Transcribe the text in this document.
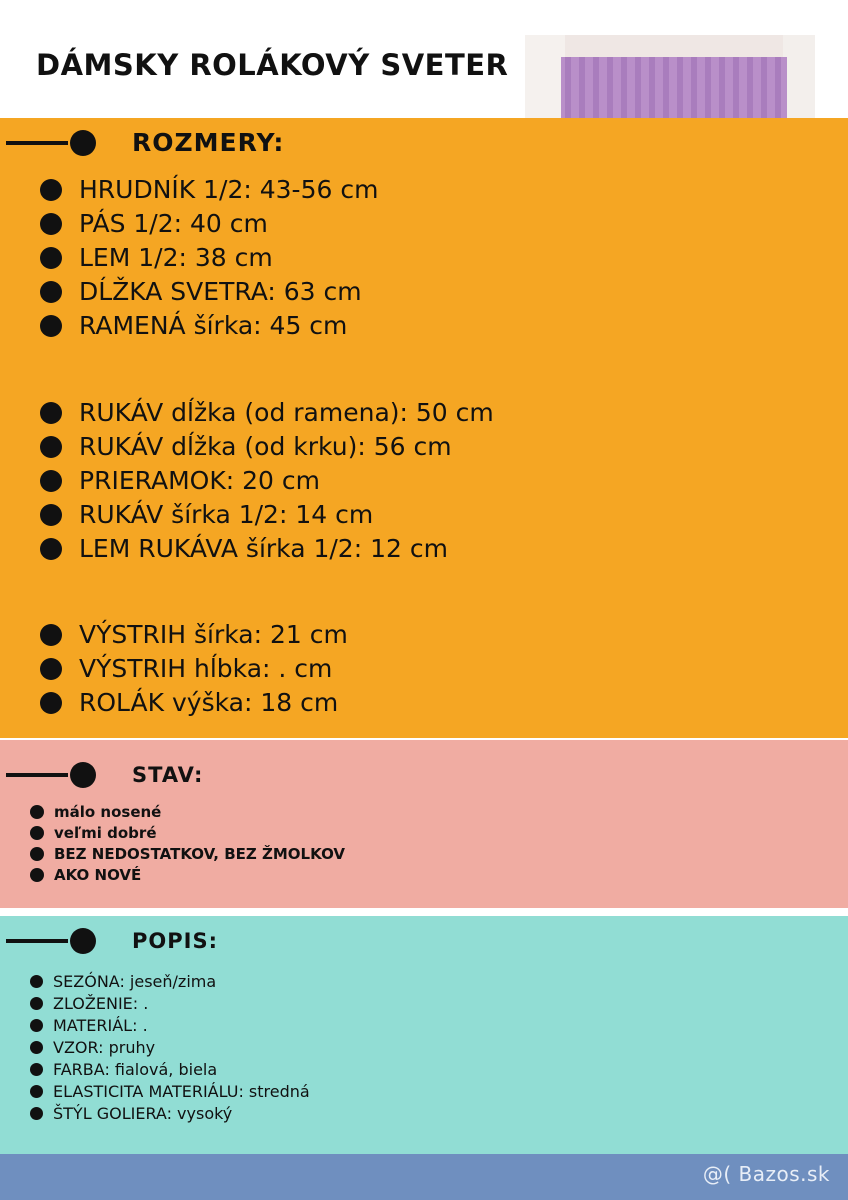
DÁMSKY ROLÁKOVÝ SVETER
ROZMERY:
HRUDNÍK 1/2: 43-56 cm
PÁS 1/2: 40 cm
LEM 1/2: 38 cm
DĹŽKA SVETRA: 63 cm
RAMENÁ šírka: 45 cm
RUKÁV dĺžka (od ramena): 50 cm
RUKÁV dĺžka (od krku): 56 cm
PRIERAMOK: 20 cm
RUKÁV šírka 1/2: 14 cm
LEM RUKÁVA šírka 1/2: 12 cm
VÝSTRIH šírka: 21 cm
VÝSTRIH hĺbka: . cm
ROLÁK výška: 18 cm
STAV:
málo nosené
veľmi dobré
BEZ NEDOSTATKOV, BEZ ŽMOLKOV
AKO NOVÉ
POPIS:
SEZÓNA: jeseň/zima
ZLOŽENIE: .
MATERIÁL: .
VZOR: pruhy
FARBA: fialová, biela
ELASTICITA MATERIÁLU: stredná
ŠTÝL GOLIERA: vysoký
@( Bazos.sk
